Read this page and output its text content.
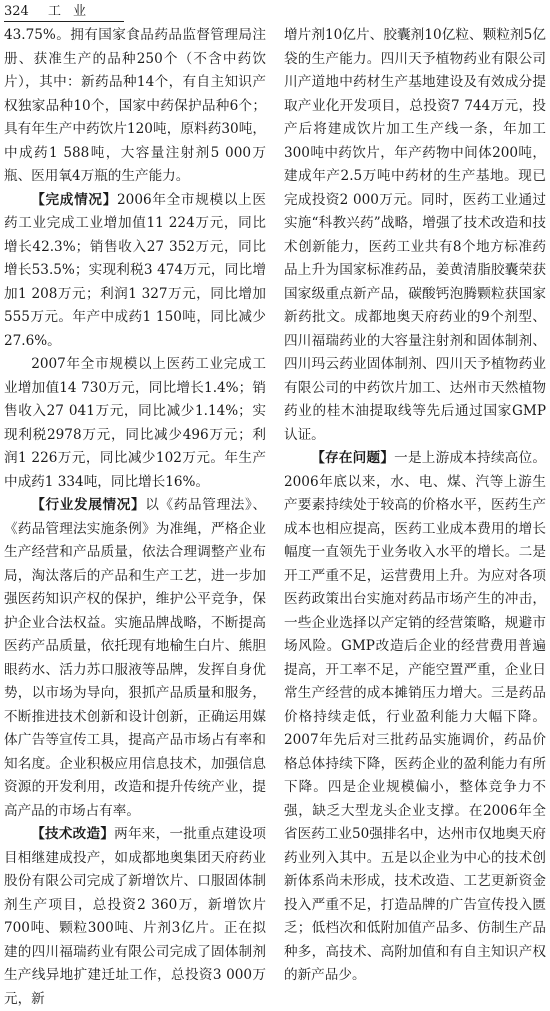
324 工业

43.75%。拥有国家食品药品监督管理局注册、获准生产的品种250个（不含中药饮片），其中：新药品种14个，有自主知识产权独家品种10个，国家中药保护品种6个；具有年生产中药饮片120吨，原料药30吨，中成药1 588吨，大容量注射剂5 000万瓶、医用氧4万瓶的生产能力。

【 完成情况 】 2006年全市规模以上医药工业完成工业增加值11 224万元，同比增长42.3%；销售收入27 352万元，同比增长53.5%；实现利税3 474万元，同比增加1 208万元；利润1 327万元，同比增加555万元。年产中成药1 150吨，同比减少27.6%。

2007年全市规模以上医药工业完成工业增加值14 730万元，同比增长1.4%；销售收入27 041万元，同比减少1.14%；实现利税2978万元，同比减少496万元；利润1 226万元，同比减少102万元。年生产中成药1 334吨，同比增长16%。

【 行业发展情况 】 以《药品管理法》、《药品管理法实施条例》为准绳，严格企业生产经营和产品质量，依法合理调整产业布局，淘汰落后的产品和生产工艺，进一步加强医药知识产权的保护，维护公平竞争，保护企业合法权益。实施品牌战略，不断提高医药产品质量，依托现有地榆生白片、熊胆眼药水、活力苏口服液等品牌，发挥自身优势，以市场为导向，狠抓产品质量和服务，不断推进技术创新和设计创新，正确运用媒体广告等宣传工具，提高产品市场占有率和知名度。企业积极应用信息技术，加强信息资源的开发利用，改造和提升传统产业，提高产品的市场占有率。

【 技术改造 】 两年来，一批重点建设项目相继建成投产，如成都地奥集团天府药业股份有限公司完成了新增饮片、口服固体制剂生产项目，总投资2 360万，新增饮片700吨、颗粒300吨、片剂3亿片。正在拟建的四川福瑞药业有限公司完成了固体制剂生产线异地扩建迁址工作，总投资3 000万元，新

增片剂10亿片、胶囊剂10亿粒、颗粒剂5亿袋的生产能力。四川天予植物药业有限公司川产道地中药材生产基地建设及有效成分提取产业化开发项目，总投资7 744万元，投产后将建成饮片加工生产线一条，年加工300吨中药饮片，年产药物中间体200吨，建成年产2.5万吨中药材的生产基地。现已完成投资2 000万元。同时，医药工业通过实施“科教兴药”战略，增强了技术改造和技术创新能力，医药工业共有8个地方标准药品上升为国家标准药品，姜黄清脂胶囊荣获国家级重点新产品，碳酸钙泡腾颗粒获国家新药批文。成都地奥天府药业的9个剂型、四川福瑞药业的大容量注射剂和固体制剂、四川玛云药业固体制剂、四川天予植物药业有限公司的中药饮片加工、达州市天然植物药业的桂木油提取线等先后通过国家GMP认证。

【 存在问题 】 一是上游成本持续高位。2006年底以来，水、电、煤、汽等上游生产要素持续处于较高的价格水平，医药生产成本也相应提高，医药工业成本费用的增长幅度一直领先于业务收入水平的增长。二是开工严重不足，运营费用上升。为应对各项医药政策出台实施对药品市场产生的冲击，一些企业选择以产定销的经营策略，规避市场风险。GMP改造后企业的经营费用普遍提高，开工率不足，产能空置严重，企业日常生产经营的成本摊销压力增大。三是药品价格持续走低，行业盈利能力大幅下降。2007年先后对三批药品实施调价，药品价格总体持续下降，医药企业的盈利能力有所下降。四是企业规模偏小，整体竞争力不强，缺乏大型龙头企业支撑。在2006年全省医药工业50强排名中，达州市仅地奥天府药业列入其中。五是以企业为中心的技术创新体系尚未形成，技术改造、工艺更新资金投入严重不足，打造品牌的广告宣传投入匮乏；低档次和低附加值产品多、仿制生产品种多，高技术、高附加值和有自主知识产权的新产品少。
